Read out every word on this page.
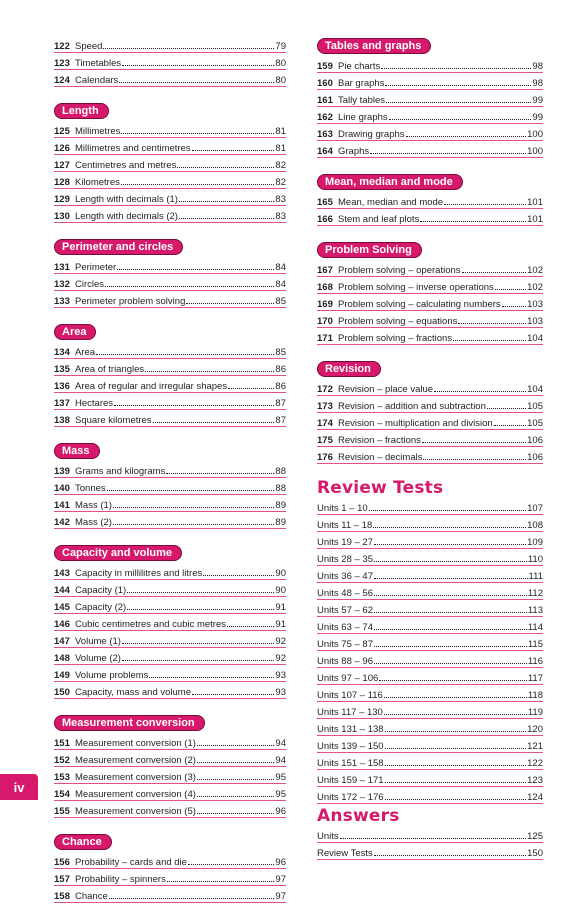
122 Speed	79
123 Timetables	80
124 Calendars	80
Length
125 Millimetres	81
126 Millimetres and centimetres	81
127 Centimetres and metres	82
128 Kilometres	82
129 Length with decimals (1)	83
130 Length with decimals (2)	83
Perimeter and circles
131 Perimeter	84
132 Circles	84
133 Perimeter problem solving	85
Area
134 Area	85
135 Area of triangles	86
136 Area of regular and irregular shapes	86
137 Hectares	87
138 Square kilometres	87
Mass
139 Grams and kilograms	88
140 Tonnes	88
141 Mass (1)	89
142 Mass (2)	89
Capacity and volume
143 Capacity in millilitres and litres	90
144 Capacity (1)	90
145 Capacity (2)	91
146 Cubic centimetres and cubic metres	91
147 Volume (1)	92
148 Volume (2)	92
149 Volume problems	93
150 Capacity, mass and volume	93
Measurement conversion
151 Measurement conversion (1)	94
152 Measurement conversion (2)	94
153 Measurement conversion (3)	95
154 Measurement conversion (4)	95
155 Measurement conversion (5)	96
Chance
156 Probability – cards and die	96
157 Probability – spinners	97
158 Chance	97
Tables and graphs
159 Pie charts	98
160 Bar graphs	98
161 Tally tables	99
162 Line graphs	99
163 Drawing graphs	100
164 Graphs	100
Mean, median and mode
165 Mean, median and mode	101
166 Stem and leaf plots	101
Problem Solving
167 Problem solving – operations	102
168 Problem solving – inverse operations	102
169 Problem solving – calculating numbers	103
170 Problem solving – equations	103
171 Problem solving – fractions	104
Revision
172 Revision – place value	104
173 Revision – addition and subtraction	105
174 Revision – multiplication and division	105
175 Revision – fractions	106
176 Revision – decimals	106
Review Tests
Units 1 – 10	107
Units 11 – 18	108
Units 19 – 27	109
Units 28 – 35	110
Units 36 – 47	111
Units 48 – 56	112
Units 57 – 62	113
Units 63 – 74	114
Units 75 – 87	115
Units 88 – 96	116
Units 97 – 106	117
Units 107 – 116	118
Units 117 – 130	119
Units 131 – 138	120
Units 139 – 150	121
Units 151 – 158	122
Units 159 – 171	123
Units 172 – 176	124
Answers
Units	125
Review Tests	150
iv
